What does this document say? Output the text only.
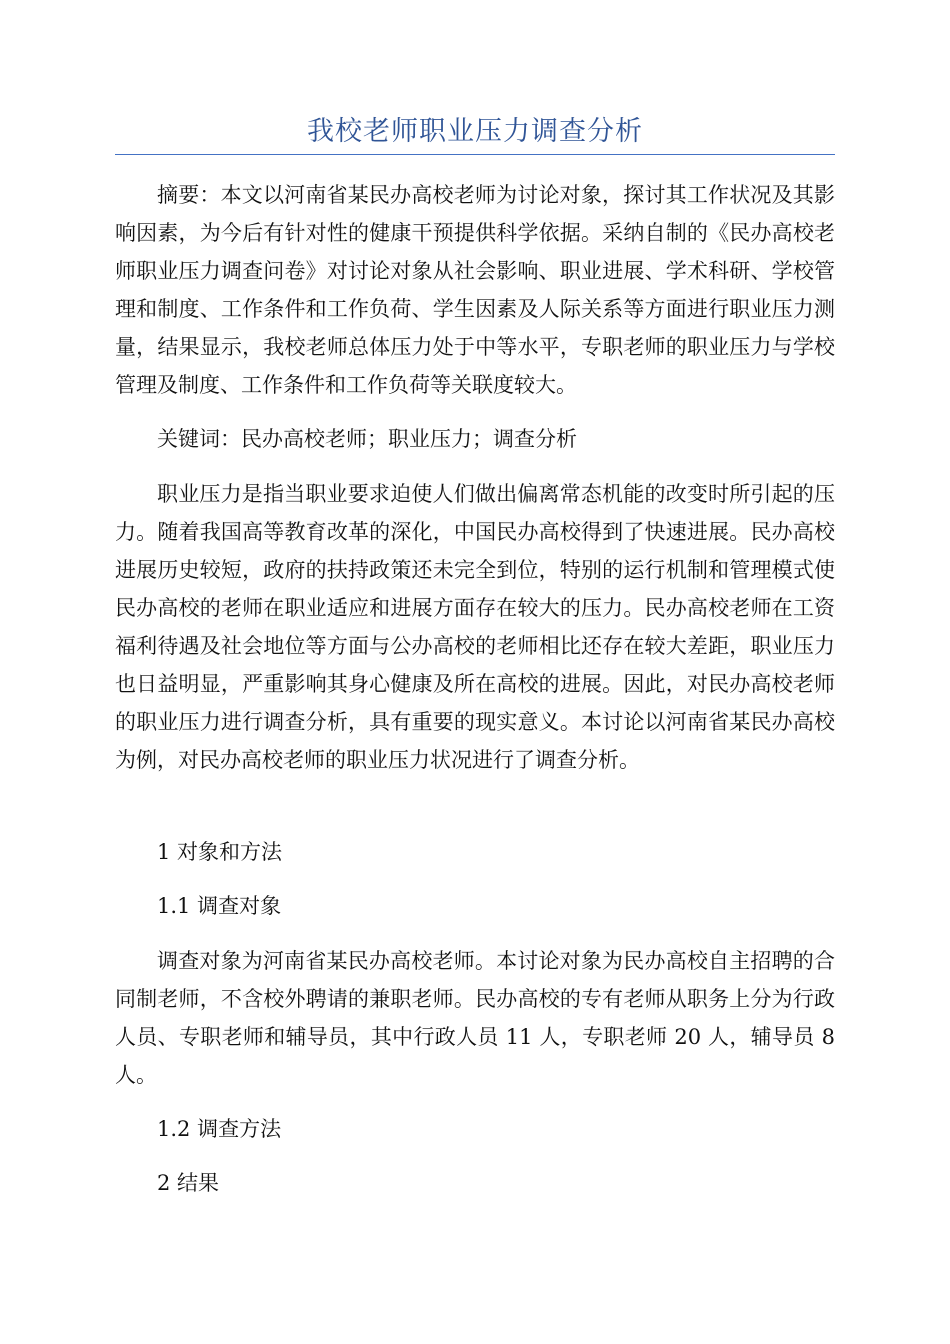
我校老师职业压力调查分析

摘要：本文以河南省某民办高校老师为讨论对象，探讨其工作状况及其影响因素，为今后有针对性的健康干预提供科学依据。采纳自制的《民办高校老师职业压力调查问卷》对讨论对象从社会影响、职业进展、学术科研、学校管理和制度、工作条件和工作负荷、学生因素及人际关系等方面进行职业压力测量，结果显示，我校老师总体压力处于中等水平，专职老师的职业压力与学校管理及制度、工作条件和工作负荷等关联度较大。

关键词：民办高校老师；职业压力；调查分析

职业压力是指当职业要求迫使人们做出偏离常态机能的改变时所引起的压力。随着我国高等教育改革的深化，中国民办高校得到了快速进展。民办高校进展历史较短，政府的扶持政策还未完全到位，特别的运行机制和管理模式使民办高校的老师在职业适应和进展方面存在较大的压力。民办高校老师在工资福利待遇及社会地位等方面与公办高校的老师相比还存在较大差距，职业压力也日益明显，严重影响其身心健康及所在高校的进展。因此，对民办高校老师的职业压力进行调查分析，具有重要的现实意义。本讨论以河南省某民办高校为例，对民办高校老师的职业压力状况进行了调查分析。

1 对象和方法

1.1 调查对象

调查对象为河南省某民办高校老师。本讨论对象为民办高校自主招聘的合同制老师，不含校外聘请的兼职老师。民办高校的专有老师从职务上分为行政人员、专职老师和辅导员，其中行政人员 11 人，专职老师 20 人，辅导员 8 人。

1.2 调查方法

2 结果
